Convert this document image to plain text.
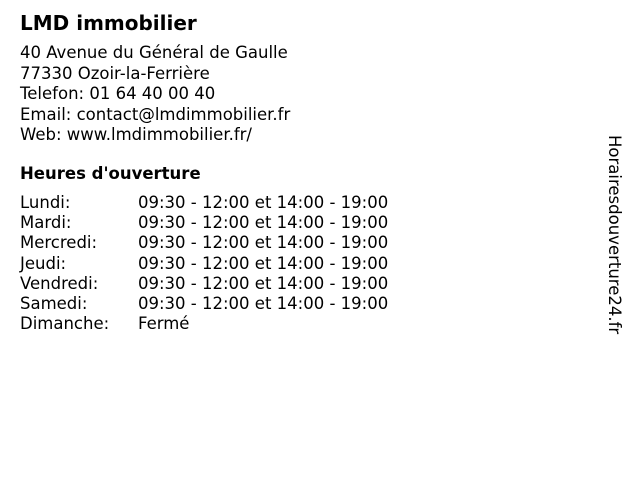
LMD immobilier
40 Avenue du Général de Gaulle
77330 Ozoir-la-Ferrière
Telefon: 01 64 40 00 40
Email: contact@lmdimmobilier.fr
Web: www.lmdimmobilier.fr/
Heures d'ouverture
Lundi:	09:30 - 12:00 et 14:00 - 19:00
Mardi:	09:30 - 12:00 et 14:00 - 19:00
Mercredi: 09:30 - 12:00 et 14:00 - 19:00
Jeudi:	09:30 - 12:00 et 14:00 - 19:00
Vendredi: 09:30 - 12:00 et 14:00 - 19:00
Samedi:	09:30 - 12:00 et 14:00 - 19:00
Dimanche: Fermé	Horairesdouverture24.fr
